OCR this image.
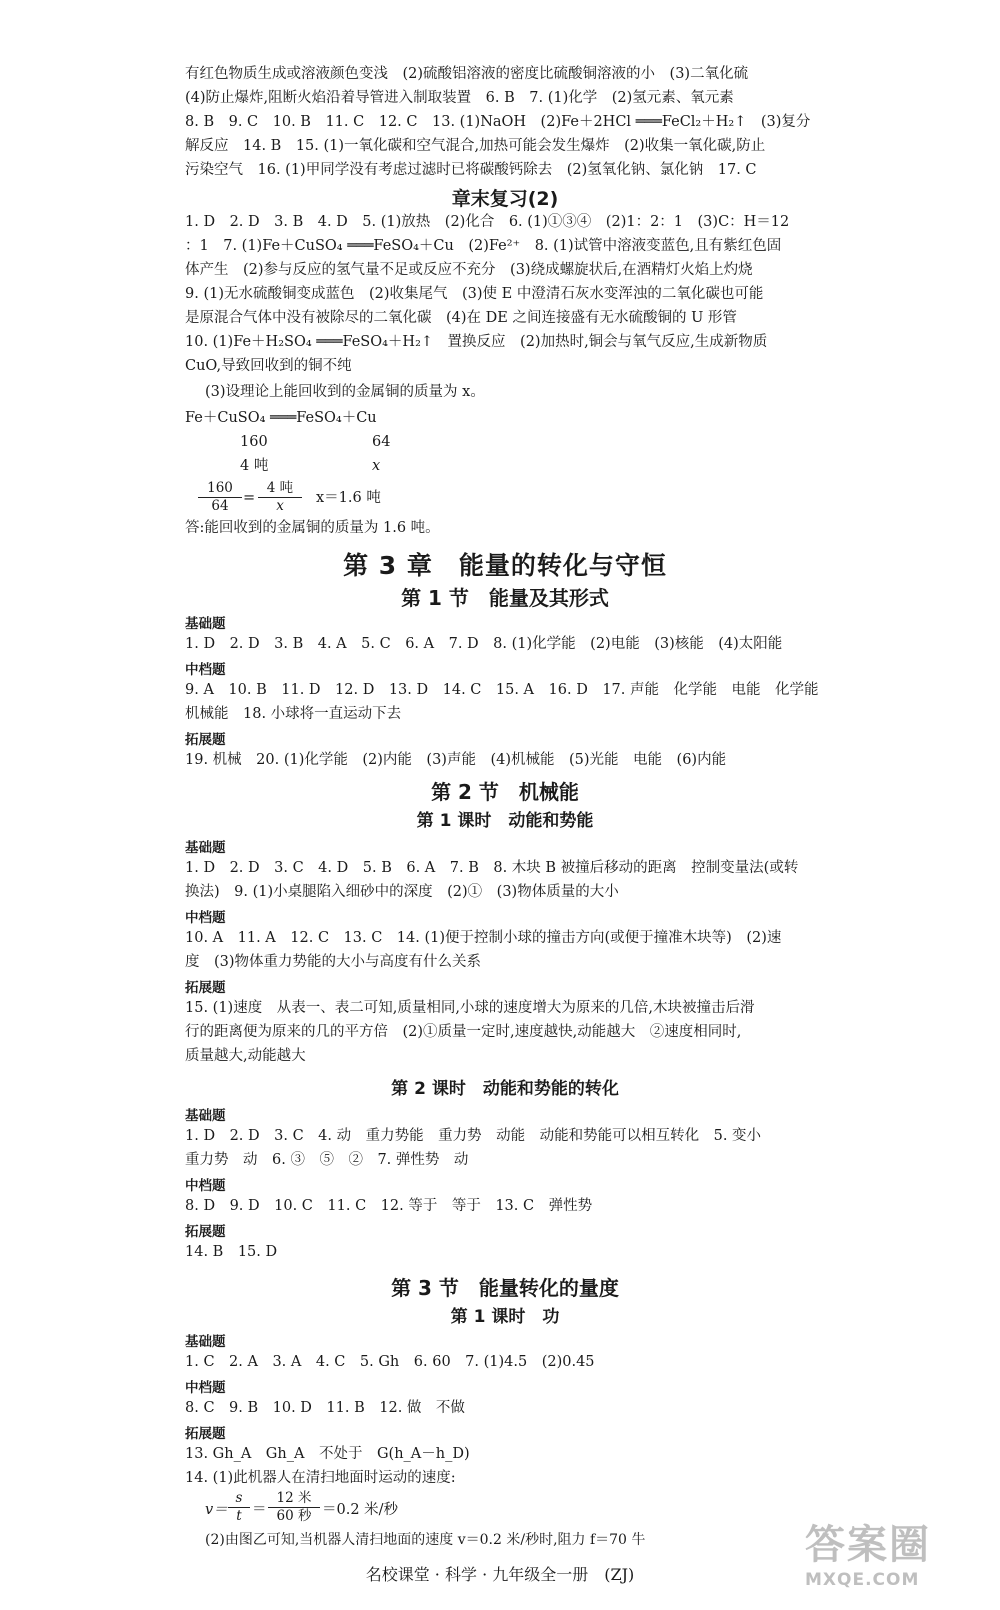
有红色物质生成或溶液颜色变浅　(2)硫酸铝溶液的密度比硫酸铜溶液的小　(3)二氧化硫
(4)防止爆炸,阻断火焰沿着导管进入制取装置　6. B　7. (1)化学　(2)氢元素、氧元素
8. B　9. C　10. B　11. C　12. C　13. (1)NaOH　(2)Fe＋2HCl ═══FeCl₂＋H₂↑　(3)复分
解反应　14. B　15. (1)一氧化碳和空气混合,加热可能会发生爆炸　(2)收集一氧化碳,防止
污染空气　16. (1)甲同学没有考虑过滤时已将碳酸钙除去　(2)氢氧化钠、氯化钠　17. C
章末复习(2)
1. D　2. D　3. B　4. D　5. (1)放热　(2)化合　6. (1)①③④　(2)1：2：1　(3)C：H＝12
：1　7. (1)Fe＋CuSO₄ ═══FeSO₄＋Cu　(2)Fe²⁺　8. (1)试管中溶液变蓝色,且有紫红色固
体产生　(2)参与反应的氢气量不足或反应不充分　(3)绕成螺旋状后,在酒精灯火焰上灼烧
9. (1)无水硫酸铜变成蓝色　(2)收集尾气　(3)使 E 中澄清石灰水变浑浊的二氧化碳也可能
是原混合气体中没有被除尽的二氧化碳　(4)在 DE 之间连接盛有无水硫酸铜的 U 形管
10. (1)Fe＋H₂SO₄ ═══FeSO₄＋H₂↑　置换反应　(2)加热时,铜会与氧气反应,生成新物质
CuO,导致回收到的铜不纯
(3)设理论上能回收到的金属铜的质量为 x。
Fe＋CuSO₄ ═══FeSO₄＋Cu
160	64
4 吨	x
$\frac{160}{64}$ =
4 吨
x	x＝1.6 吨
答:能回收到的金属铜的质量为 1.6 吨。
第 3 章　能量的转化与守恒
第 1 节　能量及其形式
基础题
1. D　2. D　3. B　4. A　5. C　6. A　7. D　8. (1)化学能　(2)电能　(3)核能　(4)太阳能
中档题
9. A　10. B　11. D　12. D　13. D　14. C　15. A　16. D　17. 声能　化学能　电能　化学能
机械能　18. 小球将一直运动下去
拓展题
19. 机械　20. (1)化学能　(2)内能　(3)声能　(4)机械能　(5)光能　电能　(6)内能
第 2 节　机械能
第 1 课时　动能和势能
基础题
1. D　2. D　3. C　4. D　5. B　6. A　7. B　8. 木块 B 被撞后移动的距离　控制变量法(或转
换法)　9. (1)小桌腿陷入细砂中的深度　(2)①　(3)物体质量的大小
中档题
10. A　11. A　12. C　13. C　14. (1)便于控制小球的撞击方向(或便于撞准木块等)　(2)速
度　(3)物体重力势能的大小与高度有什么关系
拓展题
15. (1)速度　从表一、表二可知,质量相同,小球的速度增大为原来的几倍,木块被撞击后滑
行的距离便为原来的几的平方倍　(2)①质量一定时,速度越快,动能越大　②速度相同时,
质量越大,动能越大
第 2 课时　动能和势能的转化
基础题
1. D　2. D　3. C　4. 动　重力势能　重力势　动能　动能和势能可以相互转化　5. 变小
重力势　动　6. ③　⑤　②　7. 弹性势　动
中档题
8. D　9. D　10. C　11. C　12. 等于　等于　13. C　弹性势
拓展题
14. B　15. D
第 3 节　能量转化的量度
第 1 课时　功
基础题
1. C　2. A　3. A　4. C　5. Gh　6. 60　7. (1)4.5　(2)0.45
中档题
8. C　9. B　10. D　11. B　12. 做　不做
拓展题
13. Gh_A　Gh_A　不处于　G(h_A－h_D)
14. (1)此机器人在清扫地面时运动的速度:
$v= \frac{s}{t}$ ＝
12 米
60 秒 ＝0.2 米/秒
(2)由图乙可知,当机器人清扫地面的速度 v＝0.2 米/秒时,阻力 f＝70 牛
名校课堂 · 科学 · 九年级全一册　(ZJ)
答案圈
MXQE.COM
